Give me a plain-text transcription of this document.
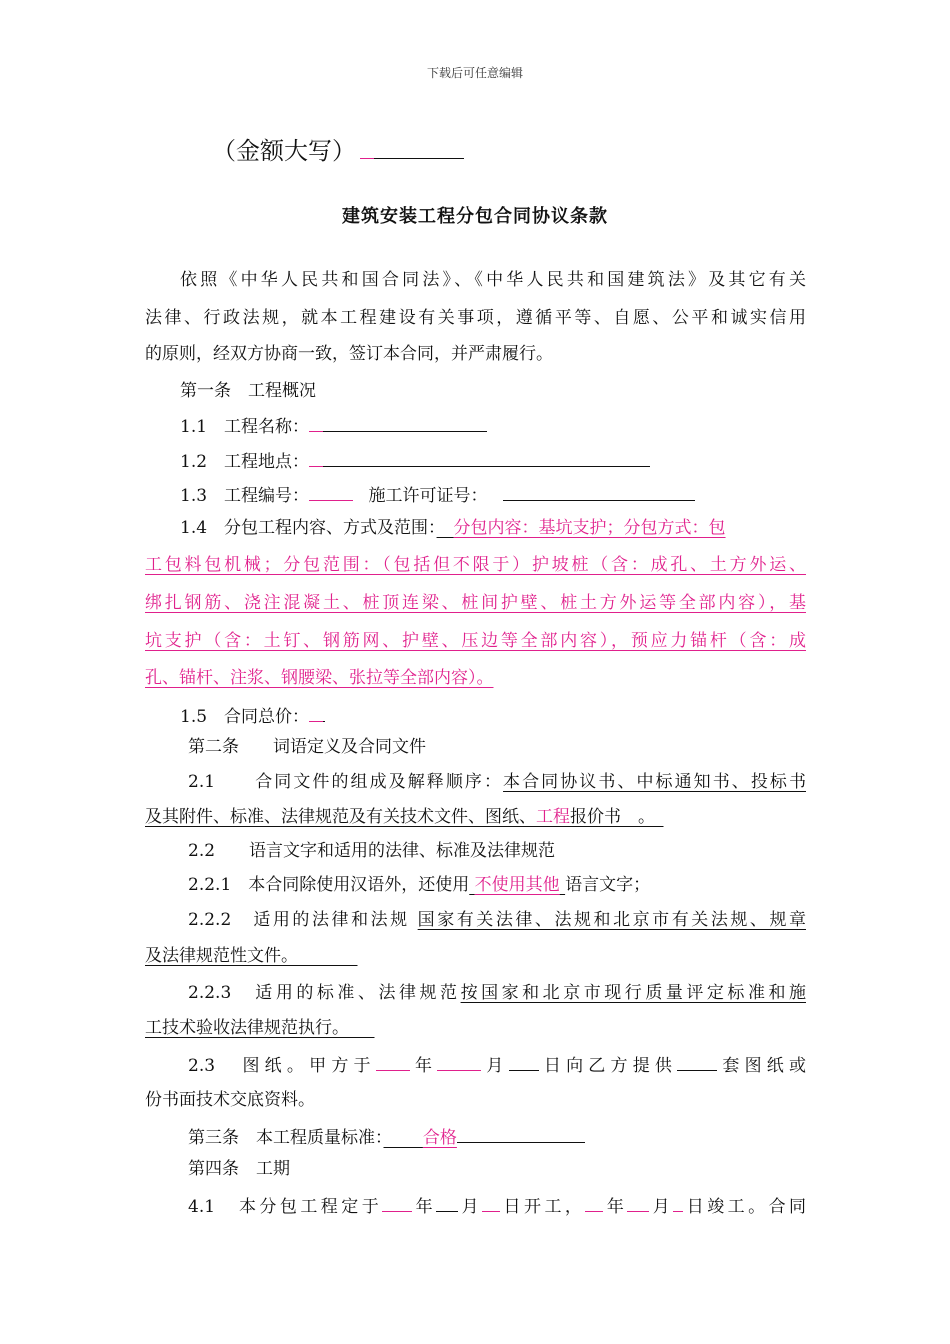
下载后可任意编辑
（金额大写）
建筑安装工程分包合同协议条款
依照《中华人民共和国合同法》、《中华人民共和国建筑法》及其它有关
法律、行政法规，就本工程建设有关事项，遵循平等、自愿、公平和诚实信用
的原则，经双方协商一致，签订本合同，并严肃履行。
第一条　工程概况
1.1　工程名称：
1.2　工程地点：
1.3　工程编号：	施工许可证号：
1.4　分包工程内容、方式及范围：　 分包内容：基坑支护；分包方式：包
工包料包机械；分包范围：（包括但不限于）护坡桩（含：成孔、土方外运、
绑扎钢筋、浇注混凝土、桩顶连梁、桩间护壁、桩土方外运等全部内容），基
坑支护（含：土钉、钢筋网、护壁、压边等全部内容），预应力锚杆（含：成
孔、锚杆、注浆、钢腰梁、张拉等全部内容）。
1.5　合同总价：
第二条　　词语定义及合同文件
2.1　　合同文件的组成及解释顺序：本合同协议书、中标通知书、投标书
及其附件、标准、法律规范及有关技术文件、图纸、工程报价书　。　
2.2　　语言文字和适用的法律、标准及法律规范
2.2.1　本合同除使用汉语外，还使用 不使用其他 语言文字；
2.2.2　适用的法律和法规 国家有关法律、法规和北京市有关法规、规章
及法律规范性文件。　　　　
2.2.3　适用的标准、法律规范按国家和北京市现行质量评定标准和施
工技术验收法律规范执行。　　
2.3　图纸。甲方于 年	月 日向乙方提供 套图纸或
份书面技术交底资料。
第三条　本工程质量标准：　　 合格
第四条　工期
4.1　本分包工程定于 年 月 日开工， 年 月 日竣工。合同
